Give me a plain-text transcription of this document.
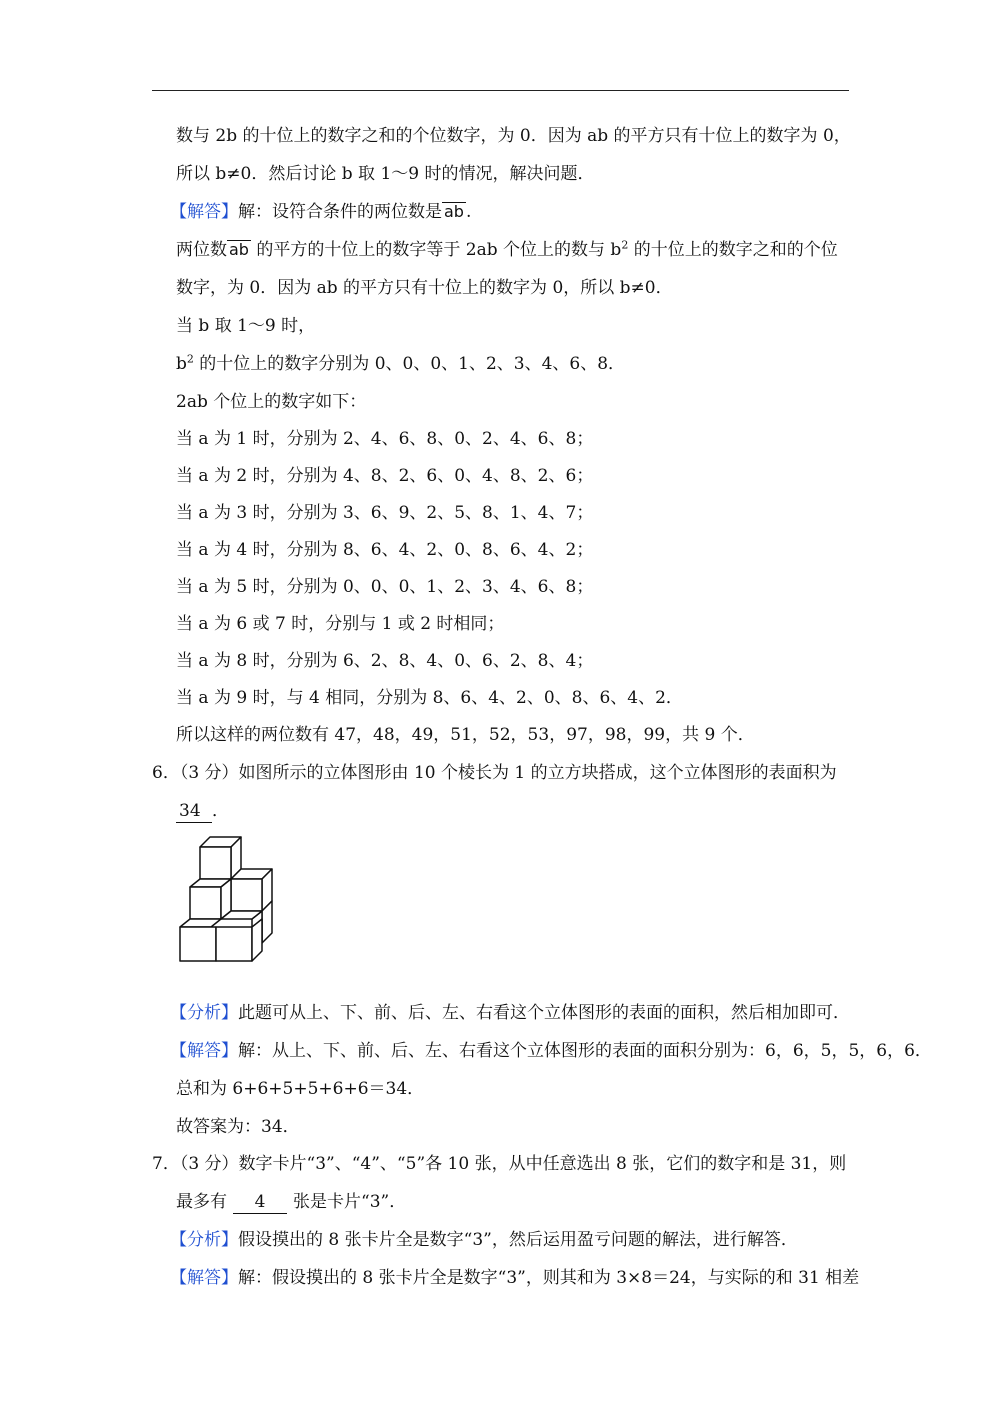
数与 2b 的十位上的数字之和的个位数字，为 0．因为 ab 的平方只有十位上的数字为 0，
所以 b≠0．然后讨论 b 取 1～9 时的情况，解决问题．
【解答】解：设符合条件的两位数是 ab .
两位数 ab 的平方的十位上的数字等于 2ab 个位上的数与 $b^2$ 的十位上的数字之和的个位
数字，为 0．因为 ab 的平方只有十位上的数字为 0，所以 b≠0．
当 b 取 1～9 时，
$b^2$ 的十位上的数字分别为 0、0、0、1、2、3、4、6、8．
2ab 个位上的数字如下：
当 a 为 1 时，分别为 2、4、6、8、0、2、4、6、8；
当 a 为 2 时，分别为 4、8、2、6、0、4、8、2、6；
当 a 为 3 时，分别为 3、6、9、2、5、8、1、4、7；
当 a 为 4 时，分别为 8、6、4、2、0、8、6、4、2；
当 a 为 5 时，分别为 0、0、0、1、2、3、4、6、8；
当 a 为 6 或 7 时，分别与 1 或 2 时相同；
当 a 为 8 时，分别为 6、2、8、4、0、6、2、8、4；
当 a 为 9 时，与 4 相同，分别为 8、6、4、2、0、8、6、4、2．
所以这样的两位数有 47，48，49，51，52，53，97，98，99，共 9 个．
6．（3 分）如图所示的立体图形由 10 个棱长为 1 的立方块搭成，这个立体图形的表面积为
34 ．
【分析】此题可从上、下、前、后、左、右看这个立体图形的表面的面积，然后相加即可．
【解答】解：从上、下、前、后、左、右看这个立体图形的表面的面积分别为：6，6，5，5，6，6．
总和为 6+6+5+5+6+6＝34．
故答案为：34．
7．（3 分）数字卡片“3”、“4”、“5”各 10 张，从中任意选出 8 张，它们的数字和是 31，则
最多有 4 张是卡片“3”．
【分析】假设摸出的 8 张卡片全是数字“3”，然后运用盈亏问题的解法，进行解答．
【解答】解：假设摸出的 8 张卡片全是数字“3”，则其和为 3×8＝24，与实际的和 31 相差
